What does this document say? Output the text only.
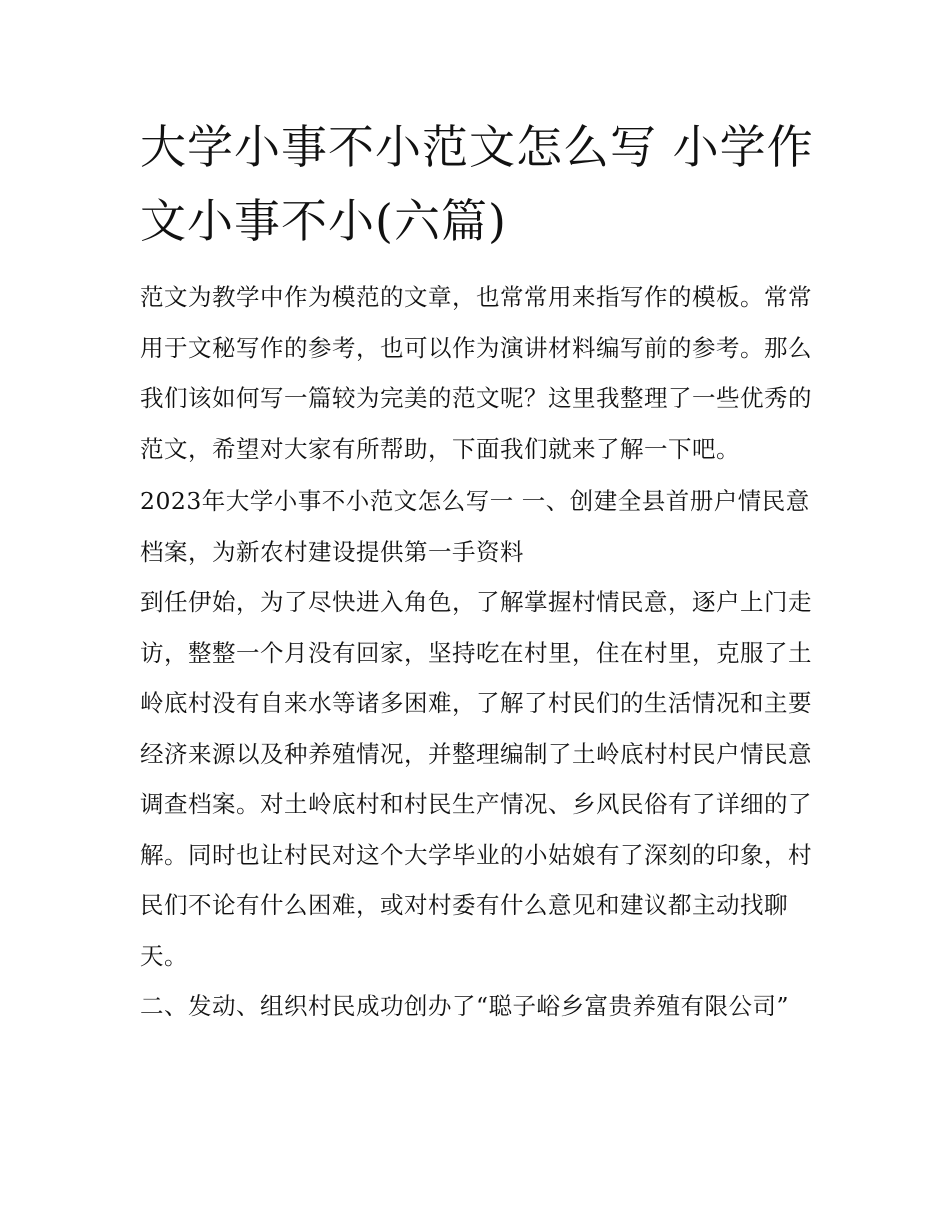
大学小事不小范文怎么写 小学作文小事不小(六篇)

范文为教学中作为模范的文章，也常常用来指写作的模板。常常用于文秘写作的参考，也可以作为演讲材料编写前的参考。那么我们该如何写一篇较为完美的范文呢？这里我整理了一些优秀的范文，希望对大家有所帮助，下面我们就来了解一下吧。

2023年大学小事不小范文怎么写一 一、创建全县首册户情民意档案，为新农村建设提供第一手资料

到任伊始，为了尽快进入角色，了解掌握村情民意，逐户上门走访，整整一个月没有回家，坚持吃在村里，住在村里，克服了土岭底村没有自来水等诸多困难，了解了村民们的生活情况和主要经济来源以及种养殖情况，并整理编制了土岭底村村民户情民意调查档案。对土岭底村和村民生产情况、乡风民俗有了详细的了解。同时也让村民对这个大学毕业的小姑娘有了深刻的印象，村民们不论有什么困难，或对村委有什么意见和建议都主动找聊天。

二、发动、组织村民成功创办了“聪子峪乡富贵养殖有限公司”
